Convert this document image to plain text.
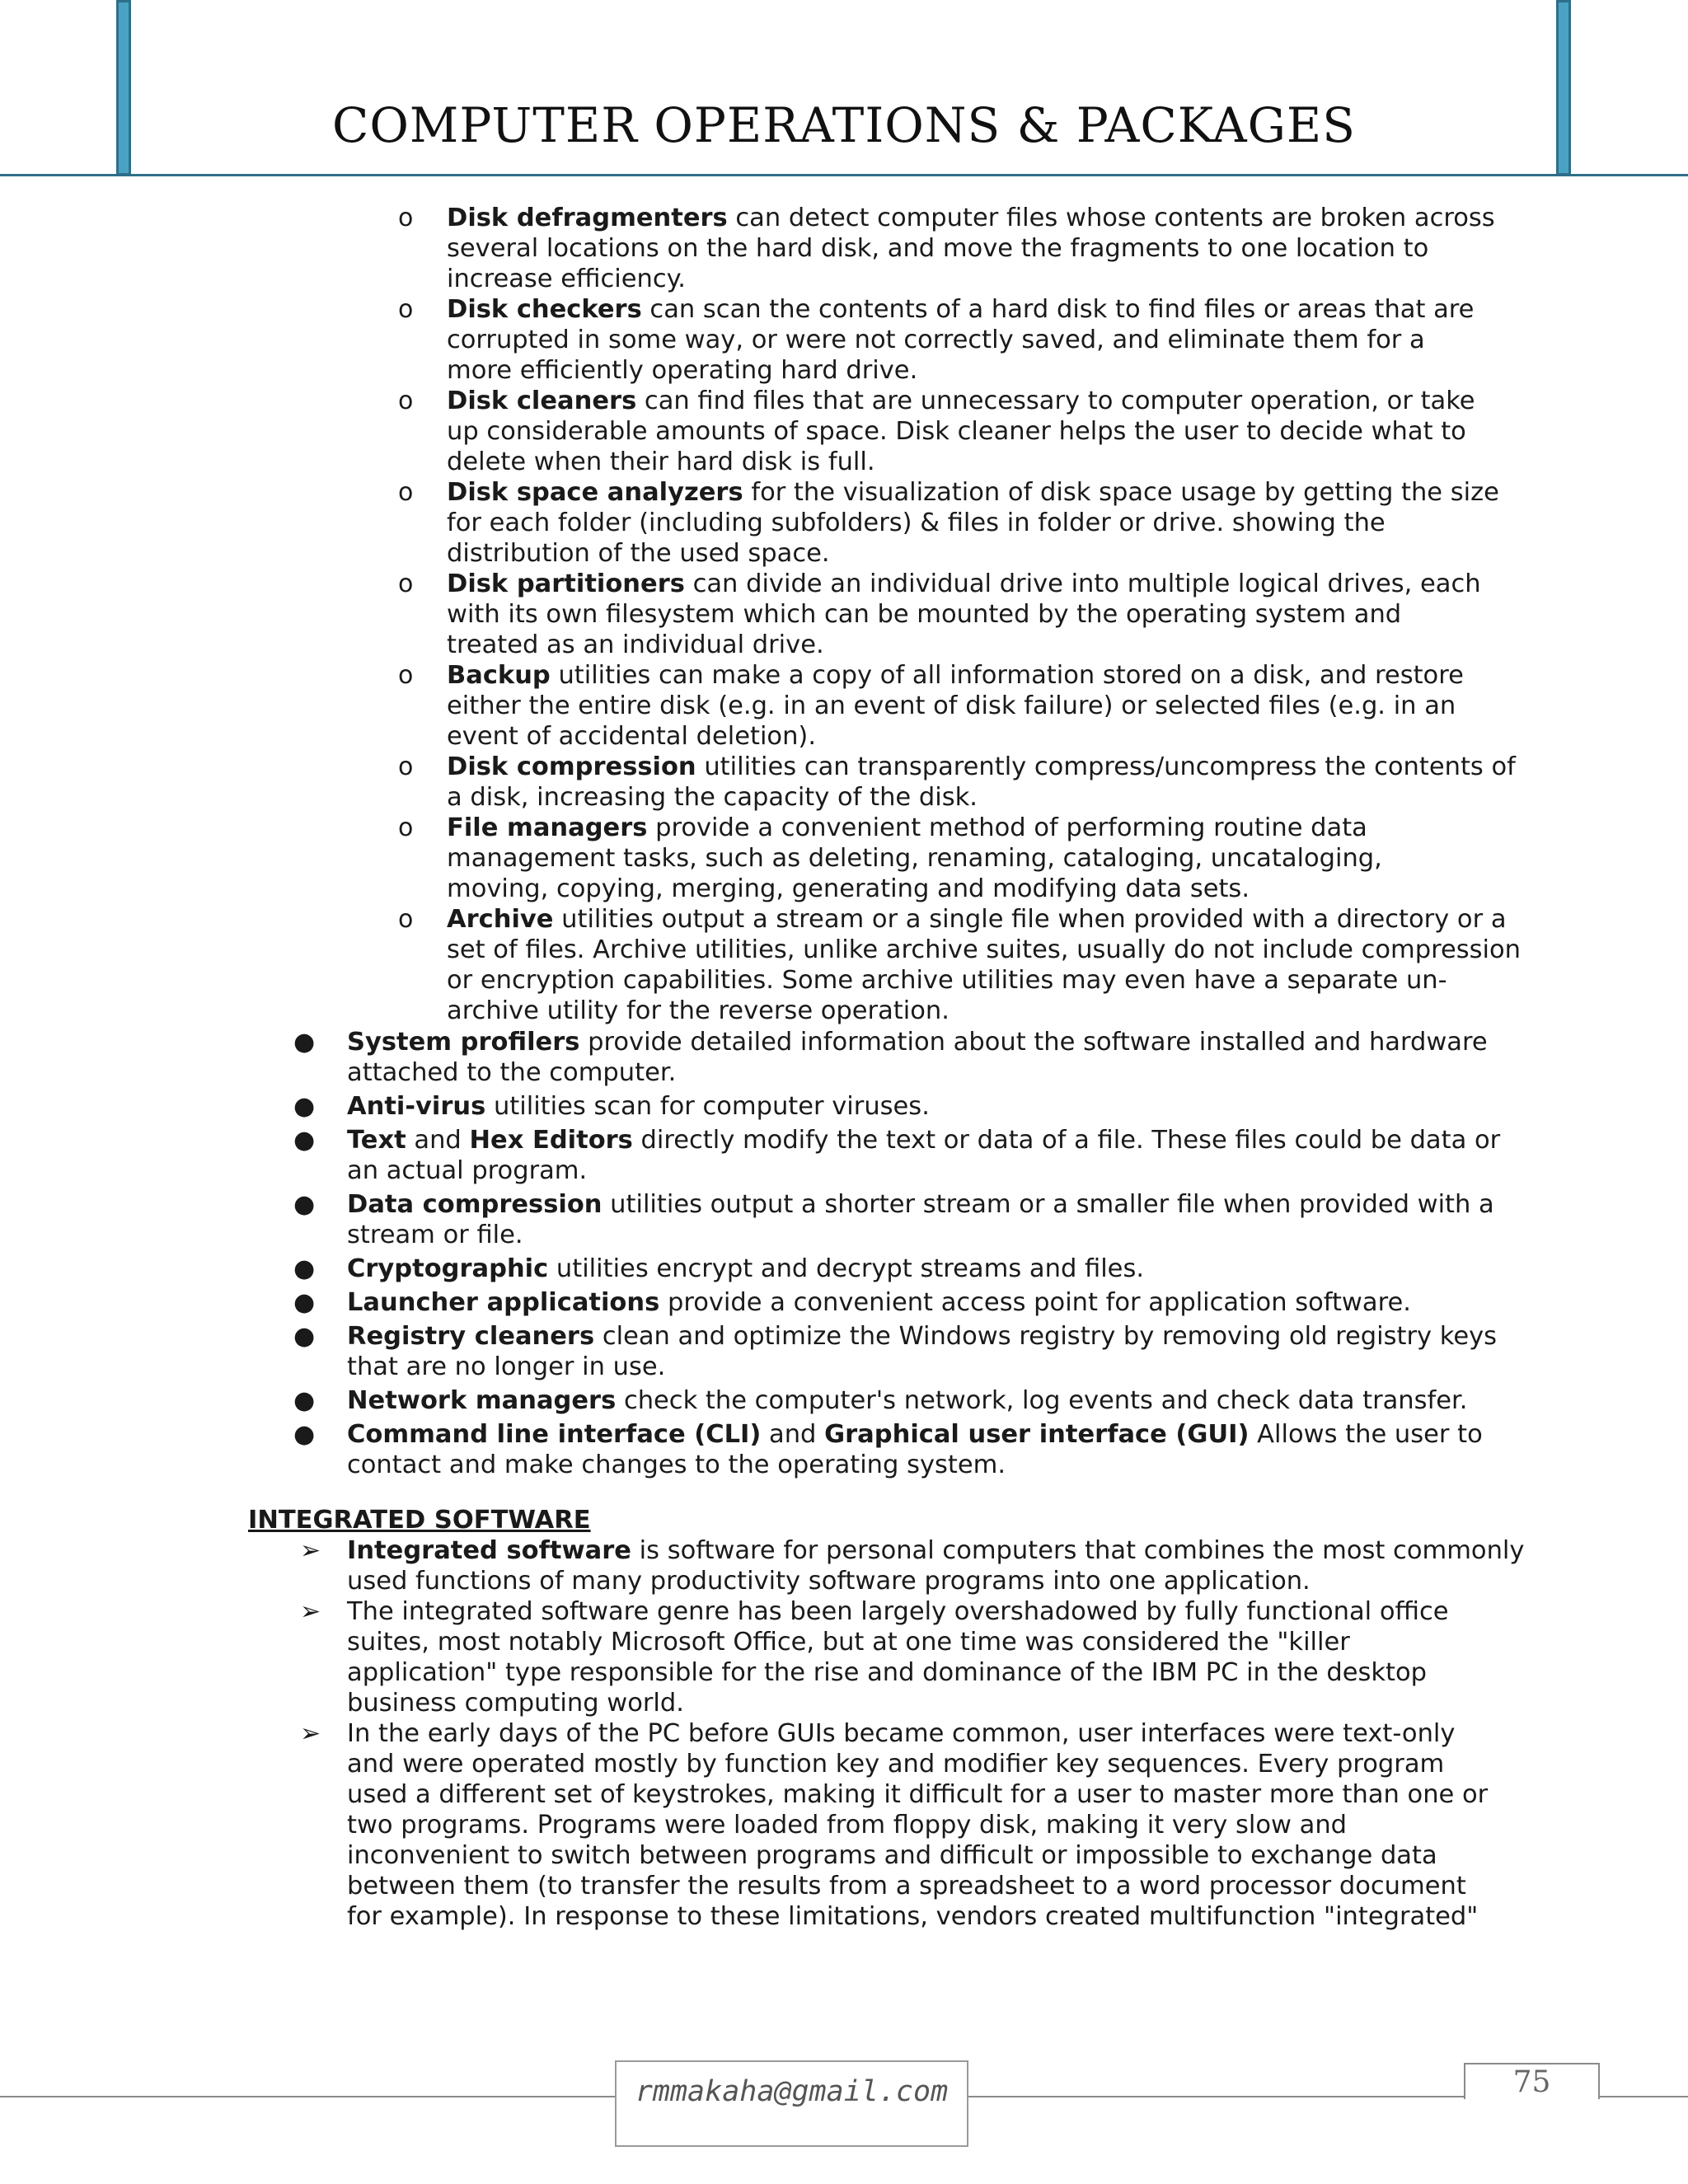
COMPUTER OPERATIONS & PACKAGES
o Disk defragmenters can detect computer files whose contents are broken across
several locations on the hard disk, and move the fragments to one location to
increase efficiency.
o Disk checkers can scan the contents of a hard disk to find files or areas that are
corrupted in some way, or were not correctly saved, and eliminate them for a
more efficiently operating hard drive.
o Disk cleaners can find files that are unnecessary to computer operation, or take
up considerable amounts of space. Disk cleaner helps the user to decide what to
delete when their hard disk is full.
o Disk space analyzers for the visualization of disk space usage by getting the size
for each folder (including subfolders) & files in folder or drive. showing the
distribution of the used space.
o Disk partitioners can divide an individual drive into multiple logical drives, each
with its own filesystem which can be mounted by the operating system and
treated as an individual drive.
o Backup utilities can make a copy of all information stored on a disk, and restore
either the entire disk (e.g. in an event of disk failure) or selected files (e.g. in an
event of accidental deletion).
o Disk compression utilities can transparently compress/uncompress the contents of
a disk, increasing the capacity of the disk.
o File managers provide a convenient method of performing routine data
management tasks, such as deleting, renaming, cataloging, uncataloging,
moving, copying, merging, generating and modifying data sets.
o Archive utilities output a stream or a single file when provided with a directory or a
set of files. Archive utilities, unlike archive suites, usually do not include compression
or encryption capabilities. Some archive utilities may even have a separate un-
archive utility for the reverse operation.
● System profilers provide detailed information about the software installed and hardware
attached to the computer.
● Anti-virus utilities scan for computer viruses.
● Text and Hex Editors directly modify the text or data of a file. These files could be data or
an actual program.
● Data compression utilities output a shorter stream or a smaller file when provided with a
stream or file.
● Cryptographic utilities encrypt and decrypt streams and files.
● Launcher applications provide a convenient access point for application software.
● Registry cleaners clean and optimize the Windows registry by removing old registry keys
that are no longer in use.
● Network managers check the computer's network, log events and check data transfer.
● Command line interface (CLI) and Graphical user interface (GUI) Allows the user to
contact and make changes to the operating system.
INTEGRATED SOFTWARE
➢ Integrated software is software for personal computers that combines the most commonly
used functions of many productivity software programs into one application.
➢ The integrated software genre has been largely overshadowed by fully functional office
suites, most notably Microsoft Office, but at one time was considered the "killer
application" type responsible for the rise and dominance of the IBM PC in the desktop
business computing world.
➢ In the early days of the PC before GUIs became common, user interfaces were text-only
and were operated mostly by function key and modifier key sequences. Every program
used a different set of keystrokes, making it difficult for a user to master more than one or
two programs. Programs were loaded from floppy disk, making it very slow and
inconvenient to switch between programs and difficult or impossible to exchange data
between them (to transfer the results from a spreadsheet to a word processor document
for example). In response to these limitations, vendors created multifunction "integrated"
rmmakaha@gmail.com	75
